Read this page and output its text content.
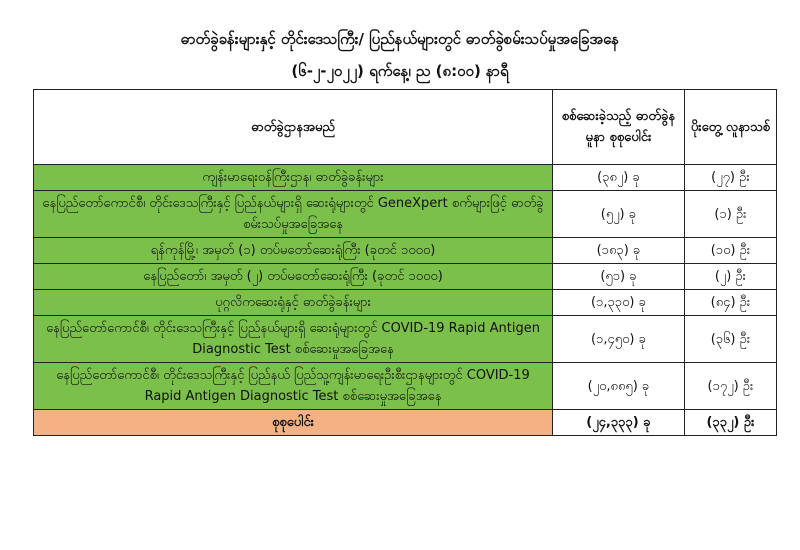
ဓာတ်ခွဲခန်းများနှင့် တိုင်းဒေသကြီး/ ပြည်နယ်များတွင် ဓာတ်ခွဲစမ်းသပ်မှုအခြေအနေ
(၆-၂-၂၀၂၂) ရက်နေ့၊ ည (၈:၀၀) နာရီ
ဓာတ်ခွဲဌာနအမည်	စစ်ဆေးခဲ့သည့် ဓာတ်ခွဲနမူနာ စုစုပေါင်း	ပိုးတွေ့ လူနာသစ်
ကျန်းမာရေးဝန်ကြီးဌာန၊ ဓာတ်ခွဲခန်းများ	(၃၈၂) ခု	(၂၇) ဦး
နေပြည်တော်ကောင်စီ၊ တိုင်းဒေသကြီးနှင့် ပြည်နယ်များရှိ ဆေးရုံများတွင် GeneXpert စက်များဖြင့် ဓာတ်ခွဲစမ်းသပ်မှုအခြေအနေ	(၅၂) ခု	(၁) ဦး
ရန်ကုန်မြို့၊ အမှတ် (၁) တပ်မတော်ဆေးရုံကြီး (ခုတင် ၁၀၀၀)	(၁၈၃) ခု	(၁၀) ဦး
နေပြည်တော်၊ အမှတ် (၂) တပ်မတော်ဆေးရုံကြီး (ခုတင် ၁၀၀၀)	(၅၁) ခု	(၂) ဦး
ပုဂ္ဂလိကဆေးရုံနှင့် ဓာတ်ခွဲခန်းများ	(၁,၃၃၀) ခု	(၈၄) ဦး
နေပြည်တော်ကောင်စီ၊ တိုင်းဒေသကြီးနှင့် ပြည်နယ်များရှိ ဆေးရုံများတွင် COVID-19 Rapid Antigen Diagnostic Test စစ်ဆေးမှုအခြေအနေ	(၁,၄၅၀) ခု	(၃၆) ဦး
နေပြည်တော်ကောင်စီ၊ တိုင်းဒေသကြီးနှင့် ပြည်နယ် ပြည်သူ့ကျန်းမာရေးဦးစီးဌာနများတွင် COVID-19 Rapid Antigen Diagnostic Test စစ်ဆေးမှုအခြေအနေ	(၂၀,၈၈၅) ခု	(၁၇၂) ဦး
စုစုပေါင်း	(၂၄,၃၃၃) ခု	(၃၃၂) ဦး
